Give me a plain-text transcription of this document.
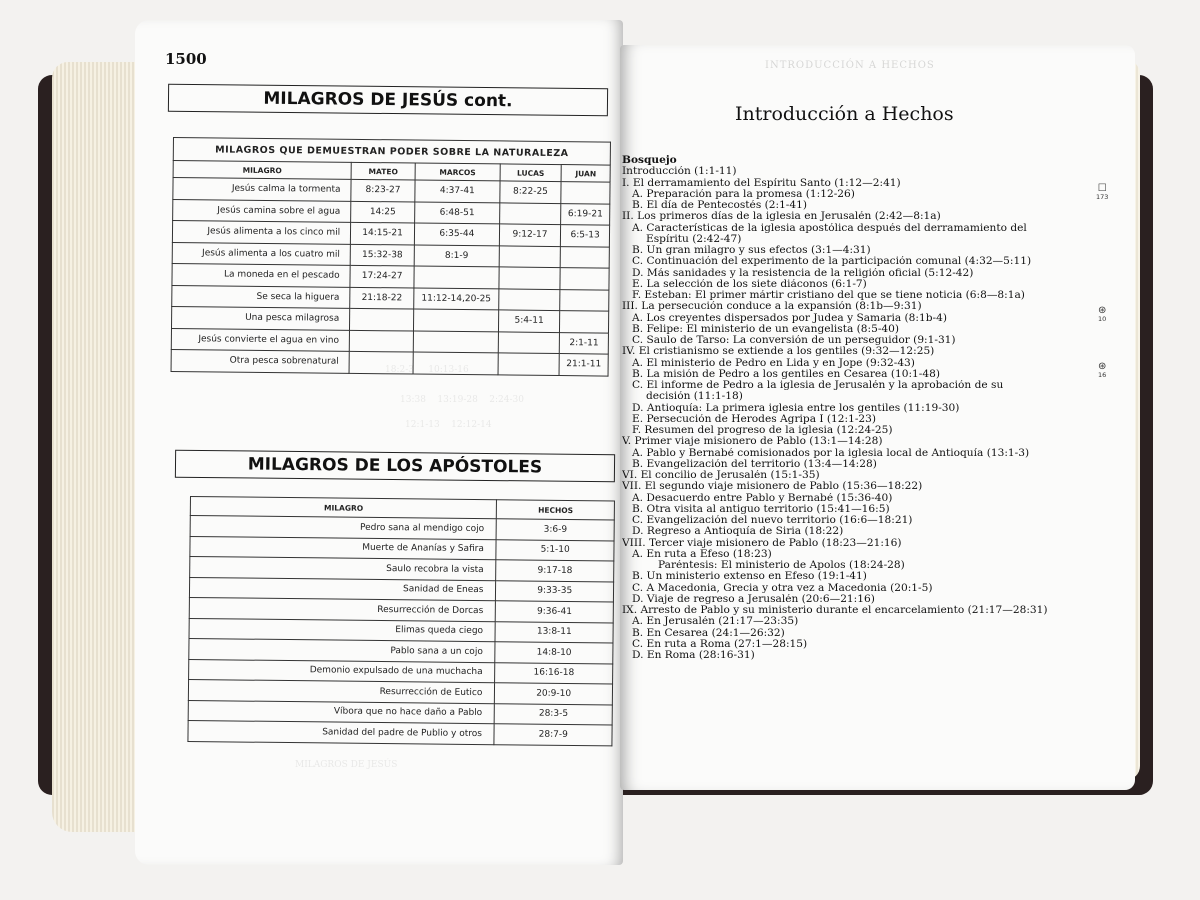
1500
MILAGROS DE JESÚS cont.
MILAGROS QUE DEMUESTRAN PODER SOBRE LA NATURALEZA				
MILAGRO	MATEO	MARCOS	LUCAS	JUAN
Jesús calma la tormenta	8:23-27	4:37-41	8:22-25	
Jesús camina sobre el agua	14:25	6:48-51		6:19-21
Jesús alimenta a los cinco mil	14:15-21	6:35-44	9:12-17	6:5-13
Jesús alimenta a los cuatro mil	15:32-38	8:1-9		
La moneda en el pescado	17:24-27			
Se seca la higuera	21:18-22	11:12-14,20-25		
Una pesca milagrosa			5:4-11	
Jesús convierte el agua en vino				2:1-11
Otra pesca sobrenatural				21:1-11
18:2-3     10:13-16
13:38    13:19-28    2:24-30
12:1-13    12:12-14
MILAGROS DE LOS APÓSTOLES
MILAGRO	HECHOS
Pedro sana al mendigo cojo	3:6-9
Muerte de Ananías y Safira	5:1-10
Saulo recobra la vista	9:17-18
Sanidad de Eneas	9:33-35
Resurrección de Dorcas	9:36-41
Elimas queda ciego	13:8-11
Pablo sana a un cojo	14:8-10
Demonio expulsado de una muchacha	16:16-18
Resurrección de Eutico	20:9-10
Víbora que no hace daño a Pablo	28:3-5
Sanidad del padre de Publio y otros	28:7-9
MILAGROS DE JESÚS
INTRODUCCIÓN A HECHOS
Introducción a Hechos
Bosquejo
Introducción (1:1-11)
I. El derramamiento del Espíritu Santo (1:12—2:41)
A. Preparación para la promesa (1:12-26)
B. El día de Pentecostés (2:1-41)
II. Los primeros días de la iglesia en Jerusalén (2:42—8:1a)
A. Características de la iglesia apostólica después del derramamiento del
Espíritu (2:42-47)
B. Un gran milagro y sus efectos (3:1—4:31)
C. Continuación del experimento de la participación comunal (4:32—5:11)
D. Más sanidades y la resistencia de la religión oficial (5:12-42)
E. La selección de los siete diáconos (6:1-7)
F. Esteban: El primer mártir cristiano del que se tiene noticia (6:8—8:1a)
III. La persecución conduce a la expansión (8:1b—9:31)
A. Los creyentes dispersados por Judea y Samaria (8:1b-4)
B. Felipe: El ministerio de un evangelista (8:5-40)
C. Saulo de Tarso: La conversión de un perseguidor (9:1-31)
IV. El cristianismo se extiende a los gentiles (9:32—12:25)
A. El ministerio de Pedro en Lida y en Jope (9:32-43)
B. La misión de Pedro a los gentiles en Cesarea (10:1-48)
C. El informe de Pedro a la iglesia de Jerusalén y la aprobación de su
decisión (11:1-18)
D. Antioquía: La primera iglesia entre los gentiles (11:19-30)
E. Persecución de Herodes Agripa I (12:1-23)
F. Resumen del progreso de la iglesia (12:24-25)
V. Primer viaje misionero de Pablo (13:1—14:28)
A. Pablo y Bernabé comisionados por la iglesia local de Antioquía (13:1-3)
B. Evangelización del territorio (13:4—14:28)
VI. El concilio de Jerusalén (15:1-35)
VII. El segundo viaje misionero de Pablo (15:36—18:22)
A. Desacuerdo entre Pablo y Bernabé (15:36-40)
B. Otra visita al antiguo territorio (15:41—16:5)
C. Evangelización del nuevo territorio (16:6—18:21)
D. Regreso a Antioquía de Siria (18:22)
VIII. Tercer viaje misionero de Pablo (18:23—21:16)
A. En ruta a Éfeso (18:23)
Paréntesis: El ministerio de Apolos (18:24-28)
B. Un ministerio extenso en Éfeso (19:1-41)
C. A Macedonia, Grecia y otra vez a Macedonia (20:1-5)
D. Viaje de regreso a Jerusalén (20:6—21:16)
IX. Arresto de Pablo y su ministerio durante el encarcelamiento (21:17—28:31)
A. En Jerusalén (21:17—23:35)
B. En Cesarea (24:1—26:32)
C. En ruta a Roma (27:1—28:15)
D. En Roma (28:16-31)
☐
173
⊛
10
⊛
16
